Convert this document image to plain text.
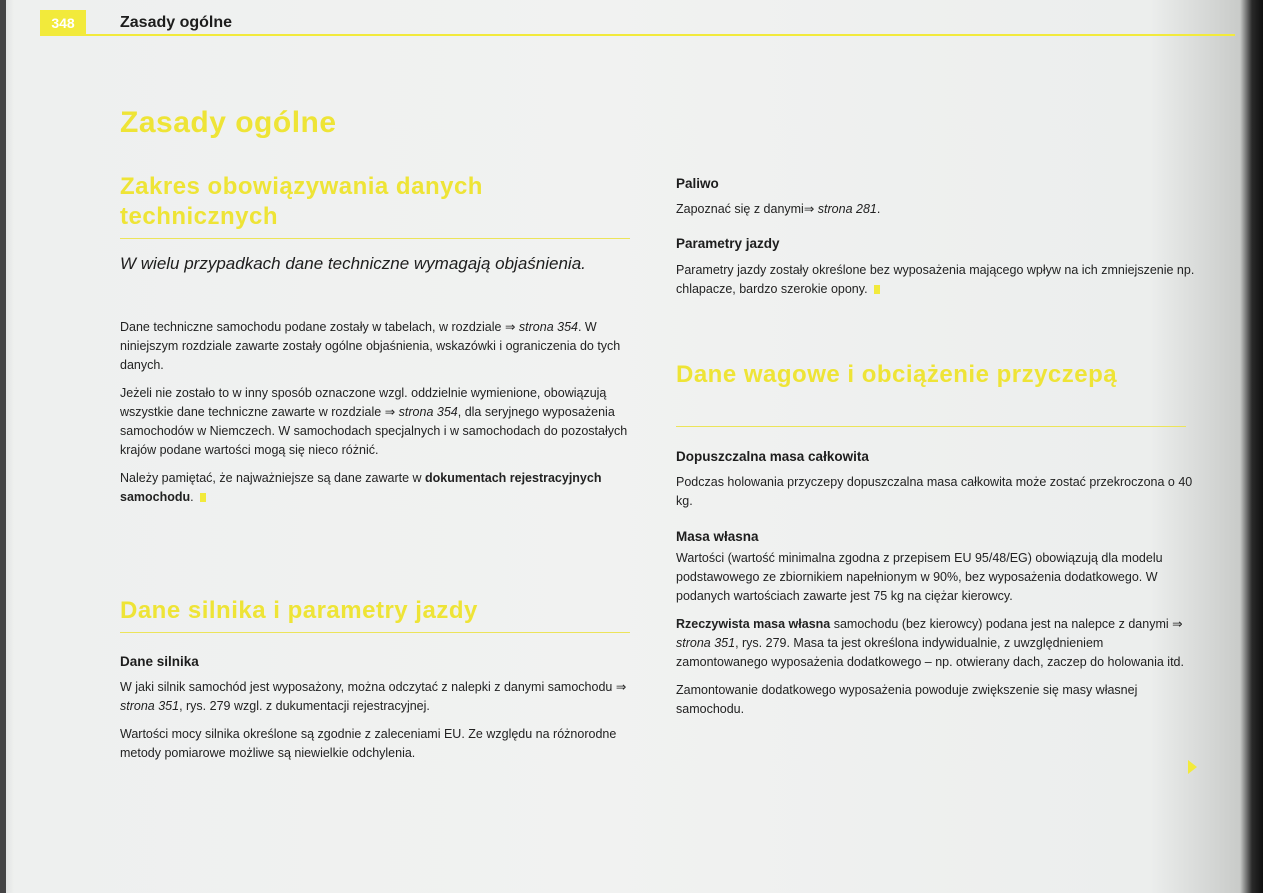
348	Zasady ogólne
Zasady ogólne
Zakres obowiązywania danych technicznych
W wielu przypadkach dane techniczne wymagają objaśnienia.

Dane techniczne samochodu podane zostały w tabelach, w rozdziale ⇒ strona 354. W niniejszym rozdziale zawarte zostały ogólne objaśnienia, wskazówki i ograniczenia do tych danych.

Jeżeli nie zostało to w inny sposób oznaczone wzgl. oddzielnie wymienione, obowiązują wszystkie dane techniczne zawarte w rozdziale ⇒ strona 354, dla seryjnego wyposażenia samochodów w Niemczech. W samochodach specjalnych i w samochodach do pozostałych krajów podane wartości mogą się nieco różnić.

Należy pamiętać, że najważniejsze są dane zawarte w dokumentach rejestracyjnych samochodu.

Dane silnika i parametry jazdy
Dane silnika

W jaki silnik samochód jest wyposażony, można odczytać z nalepki z danymi samochodu ⇒ strona 351, rys. 279 wzgl. z dukumentacji rejestracyjnej.

Wartości mocy silnika określone są zgodnie z zaleceniami EU. Ze względu na różnorodne metody pomiarowe możliwe są niewielkie odchylenia.

Paliwo

Zapoznać się z danymi⇒ strona 281.

Parametry jazdy

Parametry jazdy zostały określone bez wyposażenia mającego wpływ na ich zmniejszenie np. chlapacze, bardzo szerokie opony.

Dane wagowe i obciążenie przyczepą
Dopuszczalna masa całkowita

Podczas holowania przyczepy dopuszczalna masa całkowita może zostać przekroczona o 40 kg.

Masa własna

Wartości (wartość minimalna zgodna z przepisem EU 95/48/EG) obowiązują dla modelu podstawowego ze zbiornikiem napełnionym w 90%, bez wyposażenia dodatkowego. W podanych wartościach zawarte jest 75 kg na ciężar kierowcy.

Rzeczywista masa własna samochodu (bez kierowcy) podana jest na nalepce z danymi ⇒ strona 351, rys. 279. Masa ta jest określona indywidualnie, z uwzględnieniem zamontowanego wyposażenia dodatkowego – np. otwierany dach, zaczep do holowania itd.

Zamontowanie dodatkowego wyposażenia powoduje zwiększenie się masy własnej samochodu.
